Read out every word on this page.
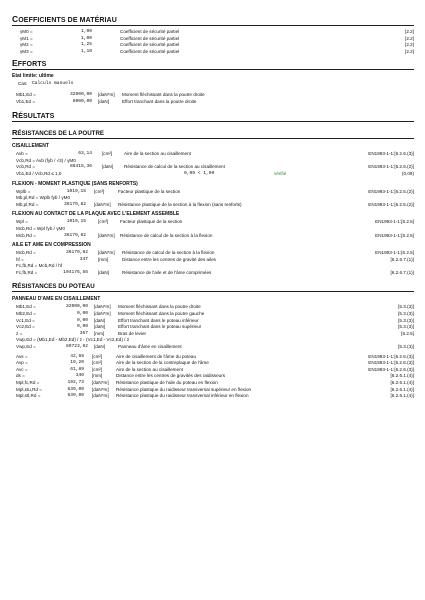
COEFFICIENTS DE MATÉRIAU
γM0 =	1,00	Coefficient de sécurité partiel	[2.2]
γM1 =	1,00	Coefficient de sécurité partiel	[2.2]
γM2 =	1,25	Coefficient de sécurité partiel	[2.2]
γM3 =	1,10	Coefficient de sécurité partiel	[2.2]
EFFORTS
Etat limite: ultime
Cas: Calculs manuels
Mb1,Ed =	32000,00 [daN*m] Moment fléchissant dans la poutre droite
Vb1,Ed =	8000,00 [daN]	Effort tranchant dans la poutre droite
RÉSULTATS
RÉSISTANCES DE LA POUTRE
CISAILLEMENT
Avb =	63,14 [cm²]	Aire de la section au cisaillement	EN1993-1-1:[6.2.6.(3)]
Vcb,Rd = Avb (fyb / √3) / γM0
Vcb,Rd =	88415,36 [daN] Résistance de calcul de la section au cisaillement	EN1993-1-1:[6.2.6.(2)]
Vb1,Ed / Vcb,Rd ≤ 1,0	0,09 < 1,00	vérifié	(0,09)
FLEXION - MOMENT PLASTIQUE (SANS RENFORTS)
Wplb =	1019,15 [cm³]	Facteur plastique de la section	EN1993-1-1:[6.2.5.(2)]
Mb,pl,Rd = Wplb fyb / γM0
Mb,pl,Rd =	36179,82 [daN*m] Résistance plastique de la section à la flexion (sans renforts)	EN1993-1-1:[6.2.5.(2)]
FLEXION AU CONTACT DE LA PLAQUE AVEC L'ELEMENT ASSEMBLE
Wpl =	1019,15	[cm³]	Facteur plastique de la section	EN1993-1-1:[6.2.5]
Mcb,Rd = Wpl fyb / γM0
Mcb,Rd =	36179,82	[daN*m] Résistance de calcul de la section à la flexion	EN1993-1-1:[6.2.5]
AILE ET AME EN COMPRESSION
Mcb,Rd =	36179,82 [daN*m] Résistance de calcul de la section à la flexion	EN1993-1-1:[6.2.5]
hf =	347 [mm]	Distance entre les centres de gravité des ailes	[6.2.6.7.(1)]
Fc,fb,Rd = Mcb,Rd / hf
Fc,fb,Rd =	104176,56 [daN]	Résistance de l'aile et de l'âme comprimées	[6.2.6.7.(1)]
RÉSISTANCES DU POTEAU
PANNEAU D'AME EN CISAILLEMENT
Mb1,Ed =	32000,00 [daN*m] Moment fléchissant dans la poutre droite	[5.3.(3)]
Mb2,Ed =	0,00 [daN*m] Moment fléchissant dans la poutre gauche	[5.3.(3)]
Vc1,Ed =	0,00 [daN]	Effort tranchant dans le poteau inférieur	[5.3.(3)]
Vc2,Ed =	0,00 [daN]	Effort tranchant dans le poteau supérieur	[5.3.(3)]
z =	357 [mm]	Bras de levier	[6.2.5]
Vwp,Ed = (Mb1,Ed - Mb2,Ed) / z - (Vc1,Ed - Vc2,Ed) / 2
Vwp,Ed =	89723,82 [daN]	Panneau d'âme en cisaillement	[5.3.(3)]
Avs =	42,69 [cm²]	Aire de cisaillement de l'âme du poteau	EN1993-1-1:[6.2.6.(3)]
Avp =	19,20 [cm²]	Aire de la section de la contreplaque de l'âme	EN1993-1-1:[6.2.6.(3)]
Avc =	61,89 [cm²]	Aire de la section au cisaillement	EN1993-1-1:[6.2.6.(3)]
ds =	340 [mm]	Distance entre les centres de gravités des raidisseurs	[6.2.6.1.(4)]
Mpl,fc,Rd =	192,73 [daN*m] Résistance plastique de l'aile du poteau en flexion	[6.2.6.1.(4)]
Mpl,stu,Rd =	639,00 [daN*m] Résistance plastique du raidisseur transversal supérieur en flexion	[6.2.6.1.(4)]
Mpl,stl,Rd =	639,00 [daN*m] Résistance plastique du raidisseur transversal inférieur en flexion	[6.2.6.1.(4)]
